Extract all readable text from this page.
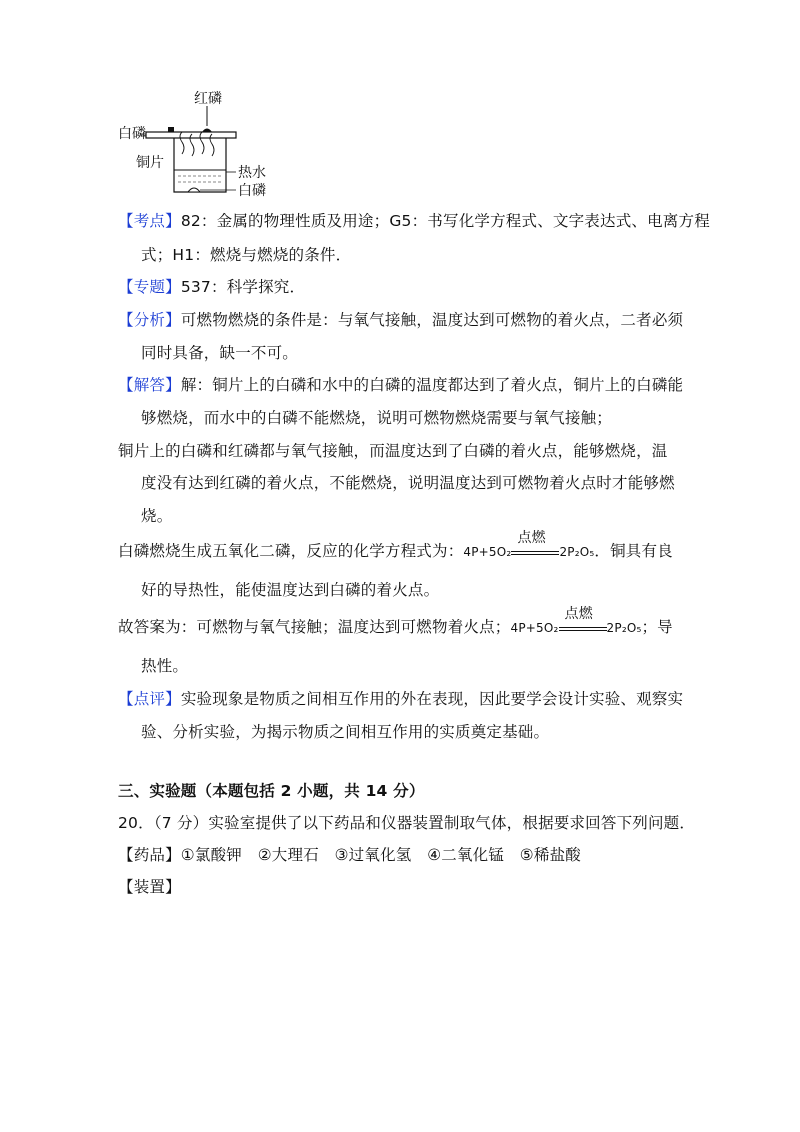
红磷
白磷
铜片
热水
白磷
【考点】82：金属的物理性质及用途；G5：书写化学方程式、文字表达式、电离方程
式；H1：燃烧与燃烧的条件．
【专题】537：科学探究．
【分析】可燃物燃烧的条件是：与氧气接触，温度达到可燃物的着火点，二者必须
同时具备，缺一不可。
【解答】解：铜片上的白磷和水中的白磷的温度都达到了着火点，铜片上的白磷能
够燃烧，而水中的白磷不能燃烧，说明可燃物燃烧需要与氧气接触；
铜片上的白磷和红磷都与氧气接触，而温度达到了白磷的着火点，能够燃烧，温
度没有达到红磷的着火点，不能燃烧，说明温度达到可燃物着火点时才能够燃
烧。
白磷燃烧生成五氧化二磷，反应的化学方程式为：4P+5O₂
点燃
2P₂O₅．铜具有良
好的导热性，能使温度达到白磷的着火点。
故答案为：可燃物与氧气接触；温度达到可燃物着火点；4P+5O₂
点燃
2P₂O₅；导
热性。
【点评】实验现象是物质之间相互作用的外在表现，因此要学会设计实验、观察实
验、分析实验，为揭示物质之间相互作用的实质奠定基础。
三、实验题（本题包括 2 小题，共 14 分）
20．（7 分）实验室提供了以下药品和仪器装置制取气体，根据要求回答下列问题．
【药品】①氯酸钾　②大理石　③过氧化氢　④二氧化锰　⑤稀盐酸
【装置】
